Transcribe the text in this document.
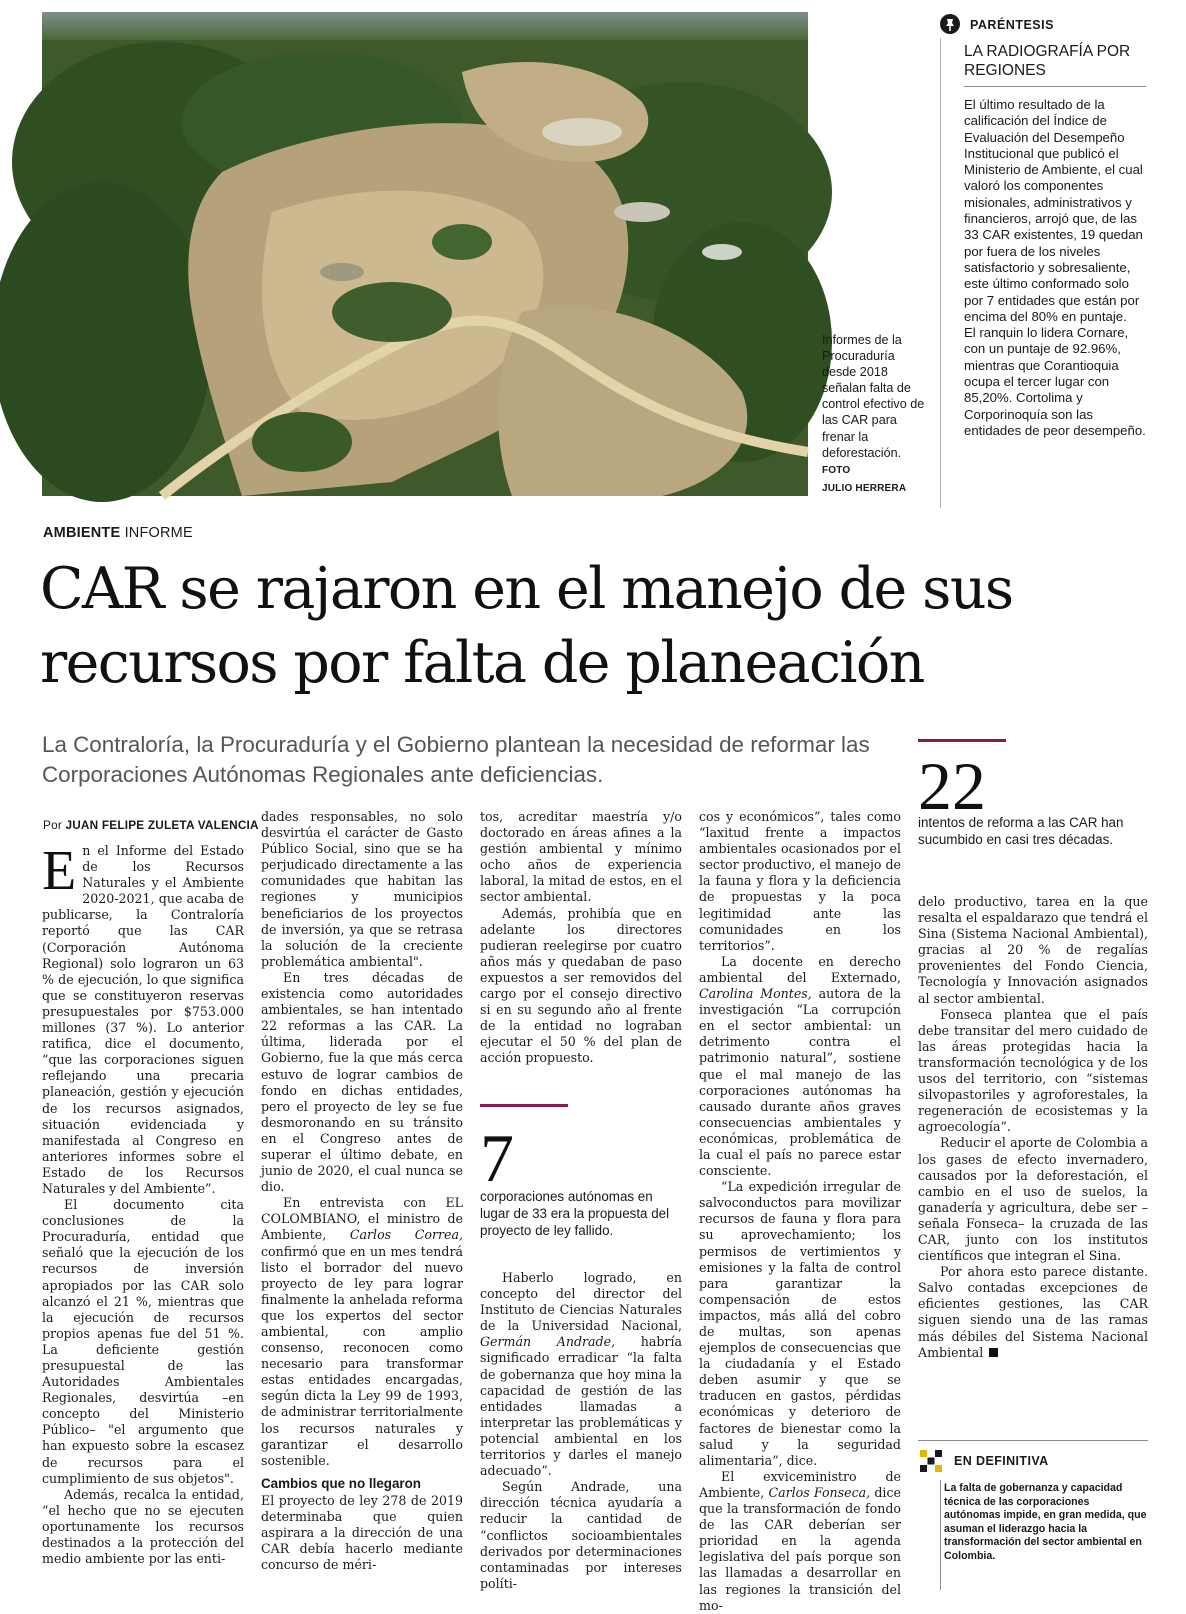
Informes de la Procuraduría desde 2018 señalan falta de control efectivo de las CAR para frenar la deforestación. FOTO
JULIO HERRERA
PARÉNTESIS
LA RADIOGRAFÍA POR REGIONES

El último resultado de la calificación del Índice de Evaluación del Desempeño Institucional que publicó el Ministerio de Ambiente, el cual valoró los componentes misionales, administrativos y financieros, arrojó que, de las 33 CAR existentes, 19 quedan por fuera de los niveles satisfactorio y sobresaliente, este último conformado solo por 7 entidades que están por encima del 80% en puntaje.

El ranquin lo lidera Cornare, con un puntaje de 92.96%, mientras que Corantioquia ocupa el tercer lugar con 85,20%. Cortolima y Corporinoquía son las entidades de peor desempeño.

AMBIENTE INFORME
CAR se rajaron en el manejo de sus recursos por falta de planeación
La Contraloría, la Procuraduría y el Gobierno plantean la necesidad de reformar las Corporaciones Autónomas Regionales ante deficiencias.	22
intentos de reforma a las CAR han sucumbido en casi tres décadas.
Por JUAN FELIPE ZULETA VALENCIA

En el Informe del Estado de los Recursos Naturales y el Ambiente 2020-2021, que acaba de publicarse, la Contraloría reportó que las CAR (Corporación Autónoma Regional) solo lograron un 63 % de ejecución, lo que significa que se constituyeron reservas presupuestales por $753.000 millones (37 %). Lo anterior ratifica, dice el documento, “que las corporaciones siguen reflejando una precaria planeación, gestión y ejecución de los recursos asignados, situación evidenciada y manifestada al Congreso en anteriores informes sobre el Estado de los Recursos Naturales y del Ambiente”.

El documento cita conclusiones de la Procuraduría, entidad que señaló que la ejecución de los recursos de inversión apropiados por las CAR solo alcanzó el 21 %, mientras que la ejecución de recursos propios apenas fue del 51 %. La deficiente gestión presupuestal de las Autoridades Ambientales Regionales, desvirtúa –en concepto del Ministerio Público– "el argumento que han expuesto sobre la escasez de recursos para el cumplimiento de sus objetos".

Además, recalca la entidad, “el hecho que no se ejecuten oportunamente los recursos destinados a la protección del medio ambiente por las enti-

dades responsables, no solo desvirtúa el carácter de Gasto Público Social, sino que se ha perjudicado directamente a las comunidades que habitan las regiones y municipios beneficiarios de los proyectos de inversión, ya que se retrasa la solución de la creciente problemática ambiental".

En tres décadas de existencia como autoridades ambientales, se han intentado 22 reformas a las CAR. La última, liderada por el Gobierno, fue la que más cerca estuvo de lograr cambios de fondo en dichas entidades, pero el proyecto de ley se fue desmoronando en su tránsito en el Congreso antes de superar el último debate, en junio de 2020, el cual nunca se dio.

En entrevista con EL COLOMBIANO, el ministro de Ambiente, Carlos Correa, confirmó que en un mes tendrá listo el borrador del nuevo proyecto de ley para lograr finalmente la anhelada reforma que los expertos del sector ambiental, con amplio consenso, reconocen como necesario para transformar estas entidades encargadas, según dicta la Ley 99 de 1993, de administrar territorialmente los recursos naturales y garantizar el desarrollo sostenible.

Cambios que no llegaron

El proyecto de ley 278 de 2019 determinaba que quien aspirara a la dirección de una CAR debía hacerlo mediante concurso de méri-

tos, acreditar maestría y/o doctorado en áreas afines a la gestión ambiental y mínimo ocho años de experiencia laboral, la mitad de estos, en el sector ambiental.

Además, prohibía que en adelante los directores pudieran reelegirse por cuatro años más y quedaban de paso expuestos a ser removidos del cargo por el consejo directivo si en su segundo año al frente de la entidad no lograban ejecutar el 50 % del plan de acción propuesto.

7
corporaciones autónomas en lugar de 33 era la propuesta del proyecto de ley fallido.

Haberlo logrado, en concepto del director del Instituto de Ciencias Naturales de la Universidad Nacional, Germán Andrade, habría significado erradicar “la falta de gobernanza que hoy mina la capacidad de gestión de las entidades llamadas a interpretar las problemáticas y potencial ambiental en los territorios y darles el manejo adecuado”.

Según Andrade, una dirección técnica ayudaría a reducir la cantidad de “conflictos socioambientales derivados por determinaciones contaminadas por intereses políti-

cos y económicos”, tales como “laxitud frente a impactos ambientales ocasionados por el sector productivo, el manejo de la fauna y flora y la deficiencia de propuestas y la poca legitimidad ante las comunidades en los territorios”.

La docente en derecho ambiental del Externado, Carolina Montes, autora de la investigación “La corrupción en el sector ambiental: un detrimento contra el patrimonio natural”, sostiene que el mal manejo de las corporaciones autónomas ha causado durante años graves consecuencias ambientales y económicas, problemática de la cual el país no parece estar consciente.

“La expedición irregular de salvoconductos para movilizar recursos de fauna y flora para su aprovechamiento; los permisos de vertimientos y emisiones y la falta de control para garantizar la compensación de estos impactos, más allá del cobro de multas, son apenas ejemplos de consecuencias que la ciudadanía y el Estado deben asumir y que se traducen en gastos, pérdidas económicas y deterioro de factores de bienestar como la salud y la seguridad alimentaria”, dice.

El exviceministro de Ambiente, Carlos Fonseca, dice que la transformación de fondo de las CAR deberían ser prioridad en la agenda legislativa del país porque son las llamadas a desarrollar en las regiones la transición del mo-

delo productivo, tarea en la que resalta el espaldarazo que tendrá el Sina (Sistema Nacional Ambiental), gracias al 20 % de regalías provenientes del Fondo Ciencia, Tecnología y Innovación asignados al sector ambiental.

Fonseca plantea que el país debe transitar del mero cuidado de las áreas protegidas hacia la transformación tecnológica y de los usos del territorio, con “sistemas silvopastoriles y agroforestales, la regeneración de ecosistemas y la agroecología”.

Reducir el aporte de Colombia a los gases de efecto invernadero, causados por la deforestación, el cambio en el uso de suelos, la ganadería y agricultura, debe ser –señala Fonseca– la cruzada de las CAR, junto con los institutos científicos que integran el Sina.

Por ahora esto parece distante. Salvo contadas excepciones de eficientes gestiones, las CAR siguen siendo una de las ramas más débiles del Sistema Nacional Ambiental

EN DEFINITIVA
La falta de gobernanza y capacidad técnica de las corporaciones autónomas impide, en gran medida, que asuman el liderazgo hacia la transformación del sector ambiental en Colombia.
